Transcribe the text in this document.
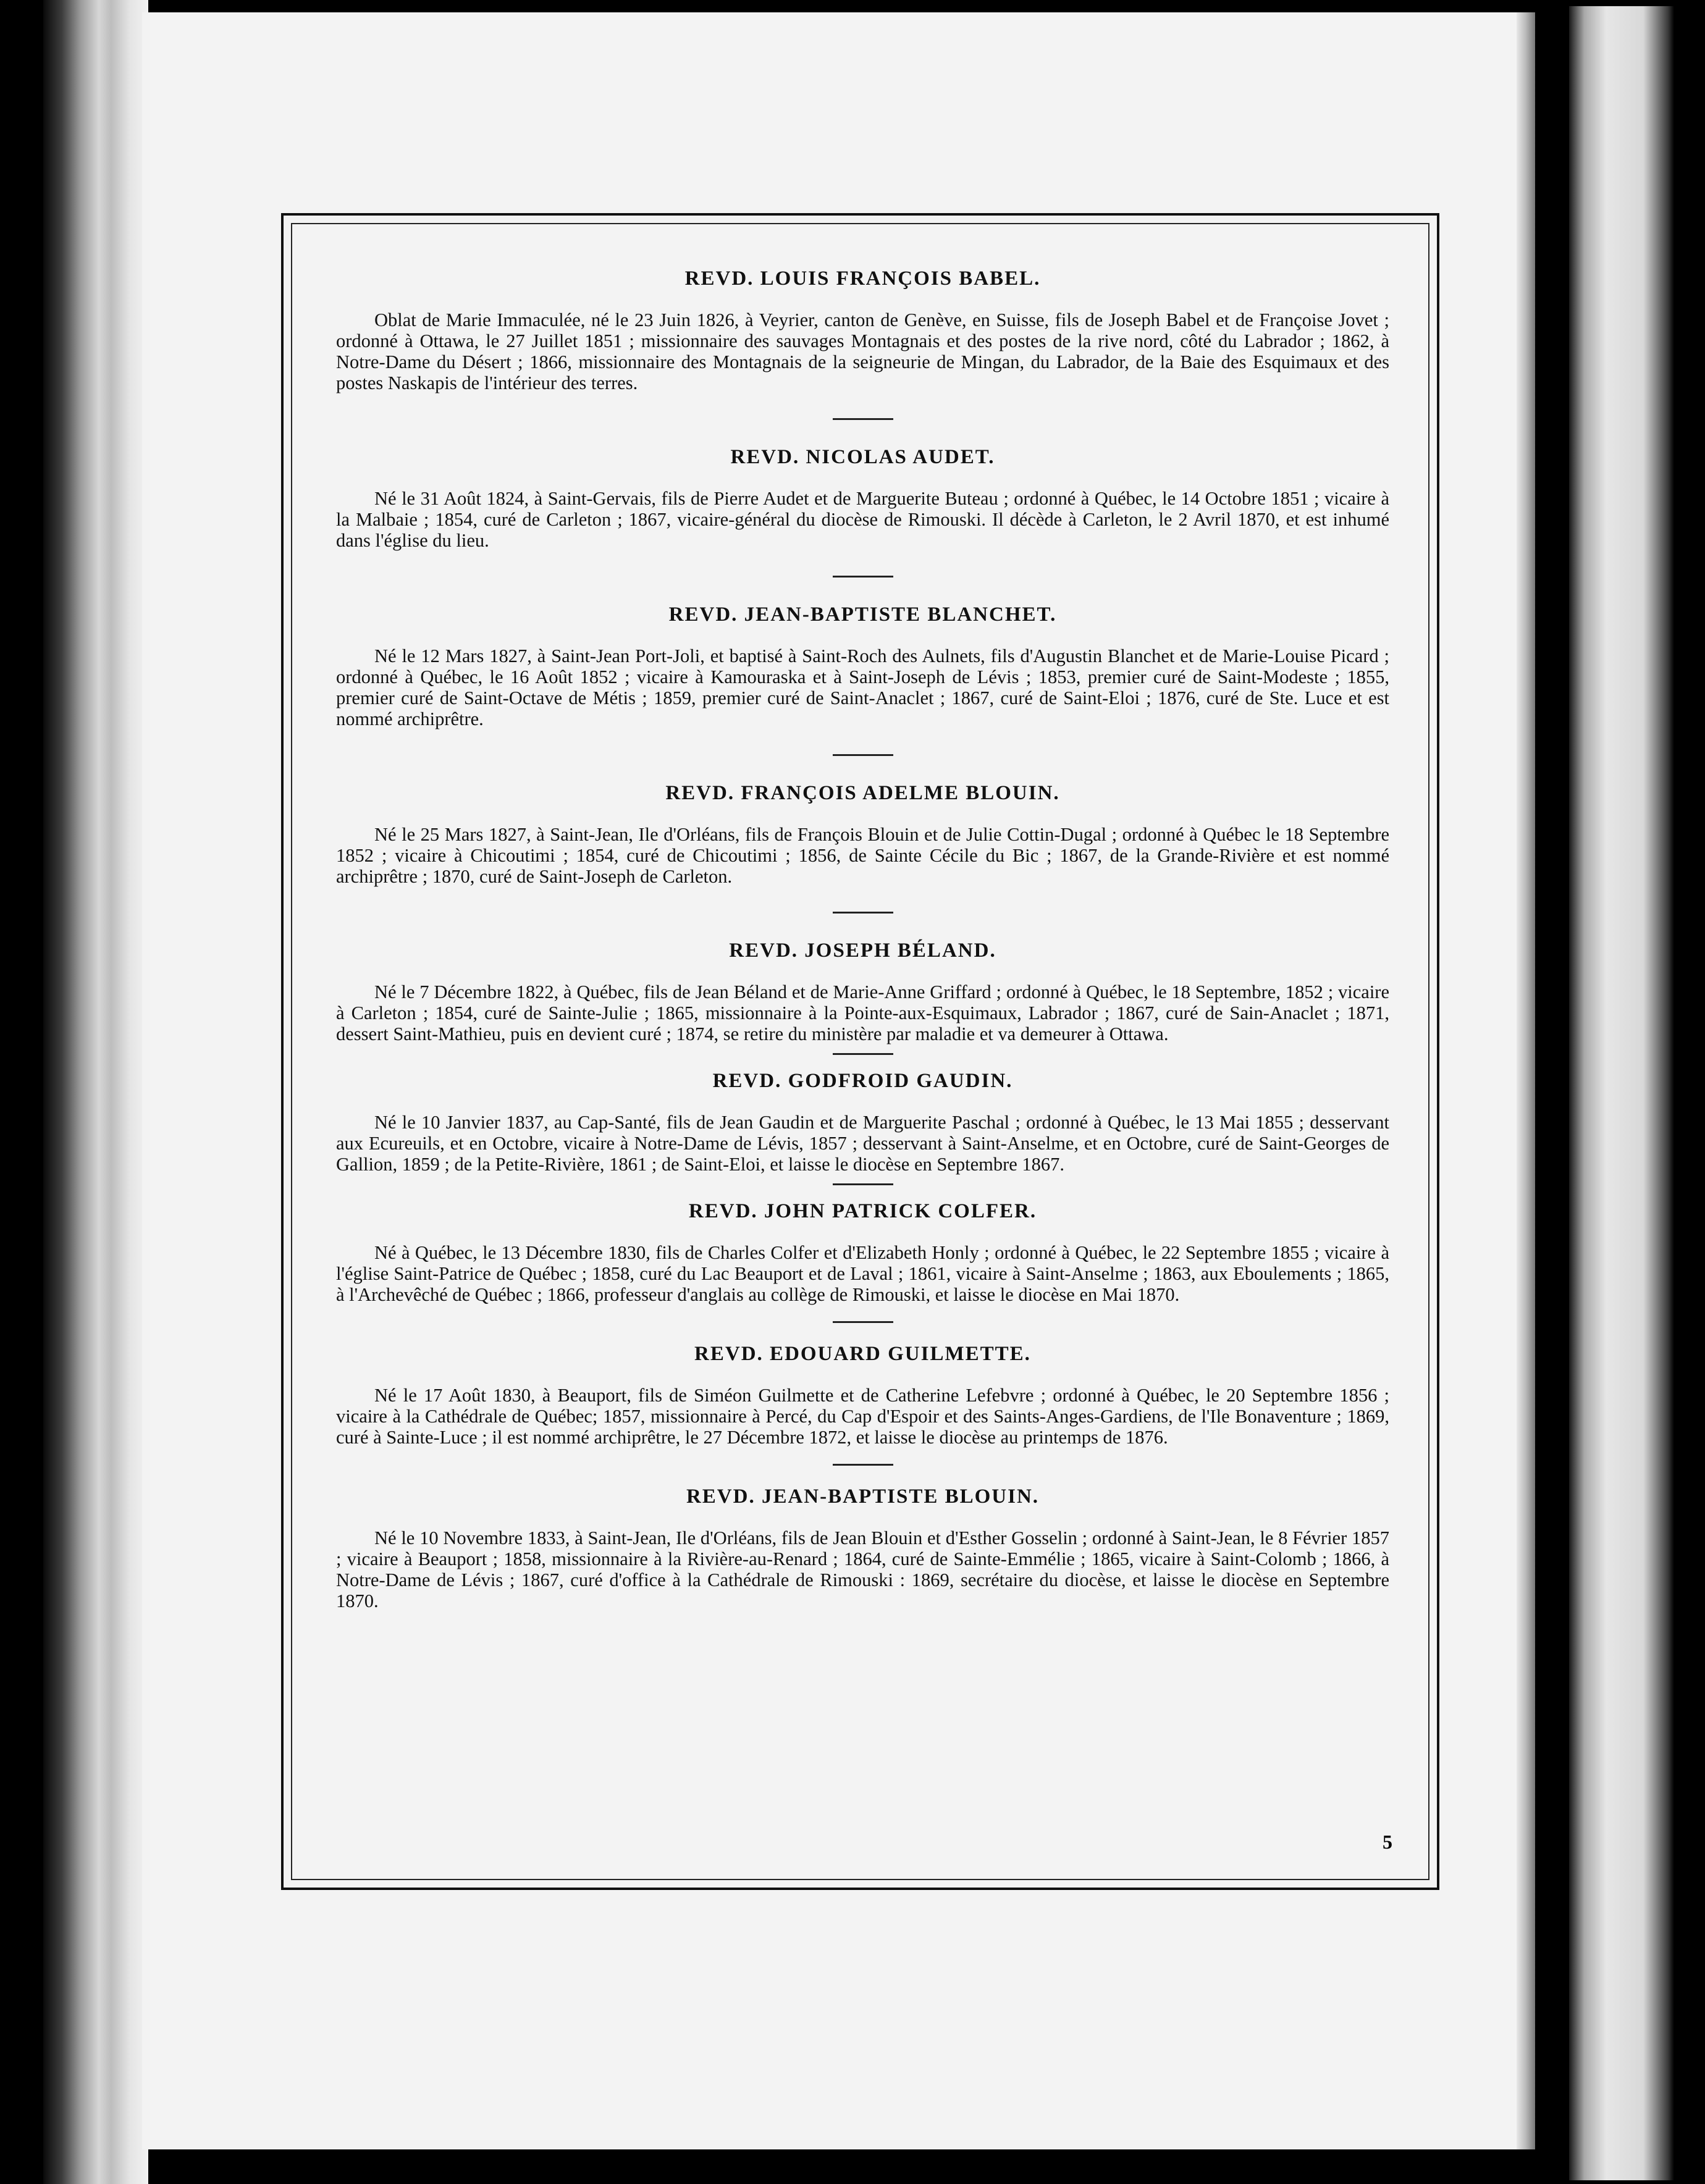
REVD. LOUIS FRANÇOIS BABEL.

Oblat de Marie Immaculée, né le 23 Juin 1826, à Veyrier, canton de Genève, en Suisse, fils de Joseph Babel et de Françoise Jovet ; ordonné à Ottawa, le 27 Juillet 1851 ; missionnaire des sauvages Montagnais et des postes de la rive nord, côté du Labrador ; 1862, à Notre-Dame du Désert ; 1866, missionnaire des Montagnais de la seigneurie de Mingan, du Labrador, de la Baie des Esquimaux et des postes Naskapis de l'intérieur des terres.

REVD. NICOLAS AUDET.

Né le 31 Août 1824, à Saint-Gervais, fils de Pierre Audet et de Marguerite Buteau ; ordonné à Québec, le 14 Octobre 1851 ; vicaire à la Malbaie ; 1854, curé de Carleton ; 1867, vicaire-général du diocèse de Rimouski. Il décède à Carleton, le 2 Avril 1870, et est inhumé dans l'église du lieu.

REVD. JEAN-BAPTISTE BLANCHET.

Né le 12 Mars 1827, à Saint-Jean Port-Joli, et baptisé à Saint-Roch des Aulnets, fils d'Augustin Blanchet et de Marie-Louise Picard ; ordonné à Québec, le 16 Août 1852 ; vicaire à Kamouraska et à Saint-Joseph de Lévis ; 1853, premier curé de Saint-Modeste ; 1855, premier curé de Saint-Octave de Métis ; 1859, premier curé de Saint-Anaclet ; 1867, curé de Saint-Eloi ; 1876, curé de Ste. Luce et est nommé archiprêtre.

REVD. FRANÇOIS ADELME BLOUIN.

Né le 25 Mars 1827, à Saint-Jean, Ile d'Orléans, fils de François Blouin et de Julie Cottin-Dugal ; ordonné à Québec le 18 Septembre 1852 ; vicaire à Chicoutimi ; 1854, curé de Chicoutimi ; 1856, de Sainte Cécile du Bic ; 1867, de la Grande-Rivière et est nommé archiprêtre ; 1870, curé de Saint-Joseph de Carleton.

REVD. JOSEPH BÉLAND.

Né le 7 Décembre 1822, à Québec, fils de Jean Béland et de Marie-Anne Griffard ; ordonné à Québec, le 18 Septembre, 1852 ; vicaire à Carleton ; 1854, curé de Sainte-Julie ; 1865, missionnaire à la Pointe-aux-Esquimaux, Labrador ; 1867, curé de Sain-Anaclet ; 1871, dessert Saint-Mathieu, puis en devient curé ; 1874, se retire du ministère par maladie et va demeurer à Ottawa.

REVD. GODFROID GAUDIN.

Né le 10 Janvier 1837, au Cap-Santé, fils de Jean Gaudin et de Marguerite Paschal ; ordonné à Québec, le 13 Mai 1855 ; desservant aux Ecureuils, et en Octobre, vicaire à Notre-Dame de Lévis, 1857 ; desservant à Saint-Anselme, et en Octobre, curé de Saint-Georges de Gallion, 1859 ; de la Petite-Rivière, 1861 ; de Saint-Eloi, et laisse le diocèse en Septembre 1867.

REVD. JOHN PATRICK COLFER.

Né à Québec, le 13 Décembre 1830, fils de Charles Colfer et d'Elizabeth Honly ; ordonné à Québec, le 22 Septembre 1855 ; vicaire à l'église Saint-Patrice de Québec ; 1858, curé du Lac Beauport et de Laval ; 1861, vicaire à Saint-Anselme ; 1863, aux Eboulements ; 1865, à l'Archevêché de Québec ; 1866, professeur d'anglais au collège de Rimouski, et laisse le diocèse en Mai 1870.

REVD. EDOUARD GUILMETTE.

Né le 17 Août 1830, à Beauport, fils de Siméon Guilmette et de Catherine Lefebvre ; ordonné à Québec, le 20 Septembre 1856 ; vicaire à la Cathédrale de Québec; 1857, missionnaire à Percé, du Cap d'Espoir et des Saints-Anges-Gardiens, de l'Ile Bonaventure ; 1869, curé à Sainte-Luce ; il est nommé archiprêtre, le 27 Décembre 1872, et laisse le diocèse au printemps de 1876.

REVD. JEAN-BAPTISTE BLOUIN.

Né le 10 Novembre 1833, à Saint-Jean, Ile d'Orléans, fils de Jean Blouin et d'Esther Gosselin ; ordonné à Saint-Jean, le 8 Février 1857 ; vicaire à Beauport ; 1858, missionnaire à la Rivière-au-Renard ; 1864, curé de Sainte-Emmélie ; 1865, vicaire à Saint-Colomb ; 1866, à Notre-Dame de Lévis ; 1867, curé d'office à la Cathédrale de Rimouski : 1869, secrétaire du diocèse, et laisse le diocèse en Septembre 1870.

5
